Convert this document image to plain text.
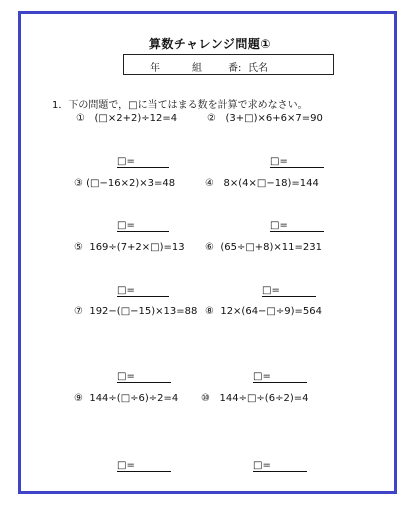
算数チャレンジ問題①
年	組	番: 氏名
1．下の問題で，□に当てはまる数を計算で求めなさい。
① (□×2+2)÷12=4	② (3+□)×6+6×7=90
□=	□=
③ (□−16×2)×3=48	④ 8×(4×□−18)=144
□=	□=
⑤ 169÷(7+2×□)=13 ⑥ (65÷□+8)×11=231
□=	□=
⑦ 192−(□−15)×13=88 ⑧ 12×(64−□÷9)=564
□=	□=
⑨ 144÷(□÷6)÷2=4 ⑩ 144÷□÷(6÷2)=4
□=	□=
